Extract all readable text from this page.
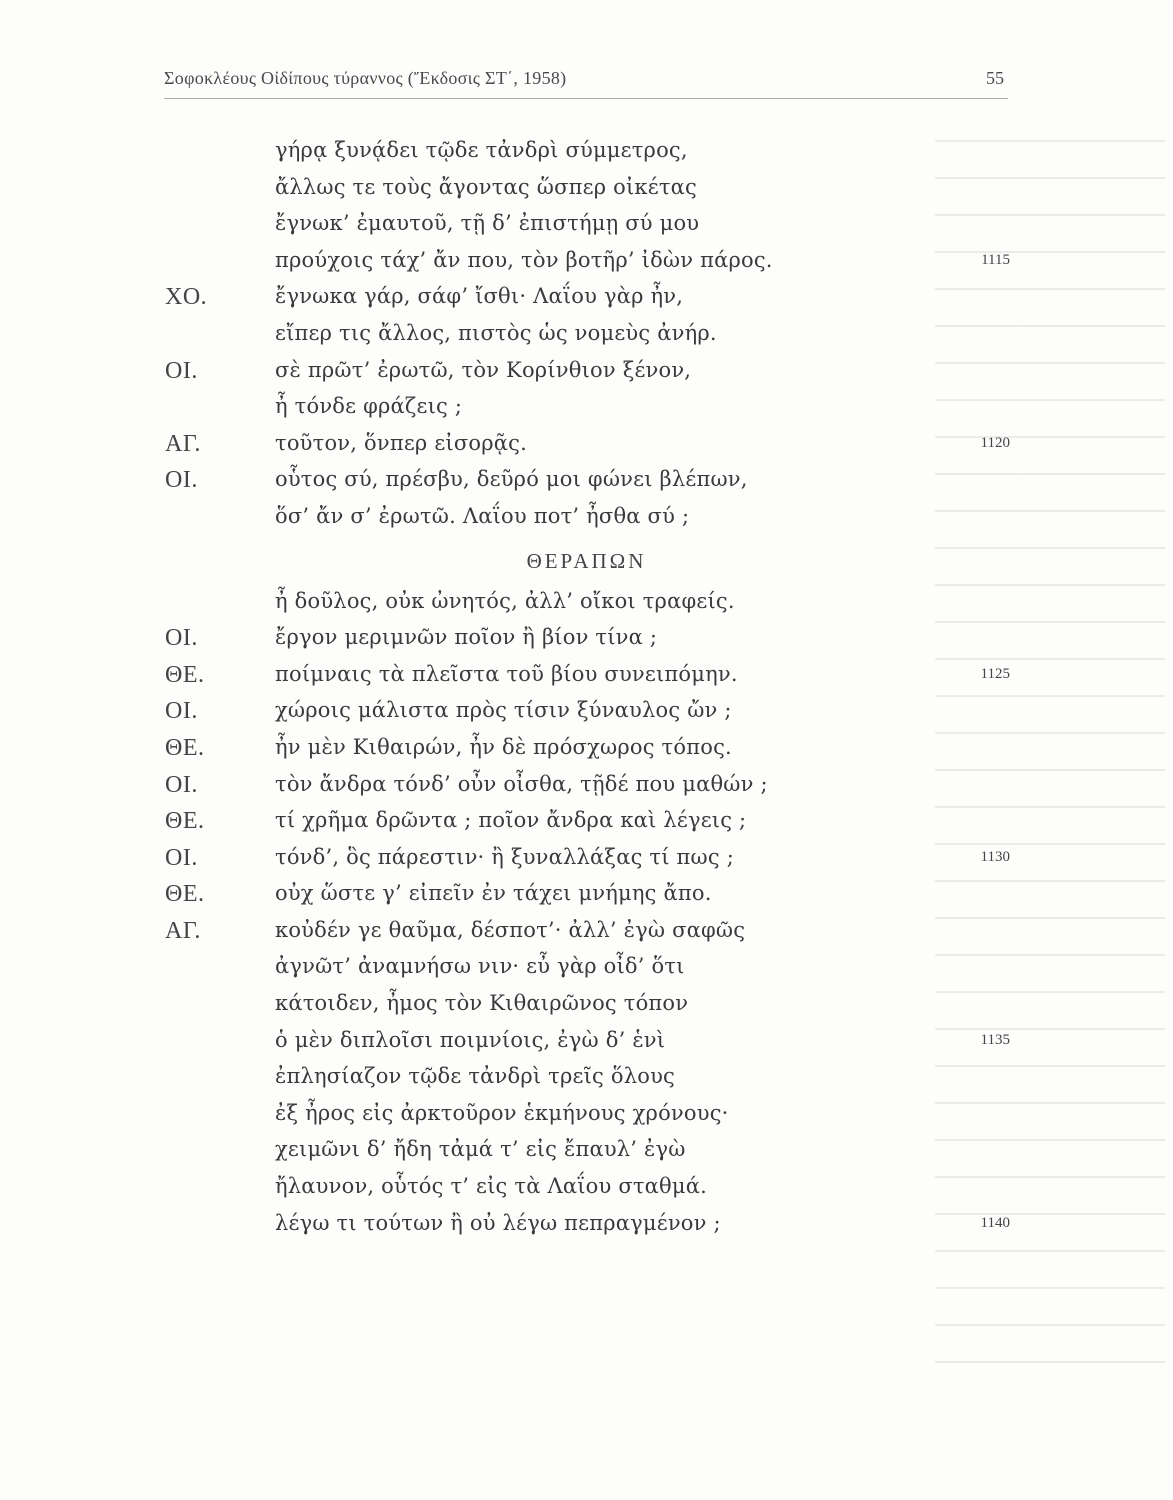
Σοφοκλέους Οἰδίπους τύραννος (Ἔκδοσις ΣΤ΄, 1958)	55
γήρᾳ ξυνᾴδει τῷδε τἀνδρὶ σύμμετρος,
ἄλλως τε τοὺς ἄγοντας ὥσπερ οἰκέτας
ἔγνωκ’ ἐμαυτοῦ, τῇ δ’ ἐπιστήμῃ σύ μου
προύχοις τάχ’ ἄν που, τὸν βοτῆρ’ ἰδὼν πάρος.	1115
ΧΟ.	ἔγνωκα γάρ, σάφ’ ἴσθι· Λαΐου γὰρ ἦν,
εἴπερ τις ἄλλος, πιστὸς ὡς νομεὺς ἀνήρ.
ΟΙ.	σὲ πρῶτ’ ἐρωτῶ, τὸν Κορίνθιον ξένον,
ἦ τόνδε φράζεις ;
ΑΓ.	τοῦτον, ὅνπερ εἰσορᾷς.	1120
ΟΙ.	οὗτος σύ, πρέσβυ, δεῦρό μοι φώνει βλέπων,
ὅσ’ ἄν σ’ ἐρωτῶ. Λαΐου ποτ’ ἦσθα σύ ;
ΘΕΡΑΠΩΝ
ἦ δοῦλος, οὐκ ὠνητός, ἀλλ’ οἴκοι τραφείς.
ΟΙ.	ἔργον μεριμνῶν ποῖον ἢ βίον τίνα ;
ΘΕ.	ποίμναις τὰ πλεῖστα τοῦ βίου συνειπόμην.	1125
ΟΙ.	χώροις μάλιστα πρὸς τίσιν ξύναυλος ὤν ;
ΘΕ.	ἦν μὲν Κιθαιρών, ἦν δὲ πρόσχωρος τόπος.
ΟΙ.	τὸν ἄνδρα τόνδ’ οὖν οἶσθα, τῇδέ που μαθών ;
ΘΕ.	τί χρῆμα δρῶντα ; ποῖον ἄνδρα καὶ λέγεις ;
ΟΙ.	τόνδ’, ὃς πάρεστιν· ἢ ξυναλλάξας τί πως ;	1130
ΘΕ.	οὐχ ὥστε γ’ εἰπεῖν ἐν τάχει μνήμης ἄπο.
ΑΓ.	κοὐδέν γε θαῦμα, δέσποτ’· ἀλλ’ ἐγὼ σαφῶς
ἀγνῶτ’ ἀναμνήσω νιν· εὖ γὰρ οἶδ’ ὅτι
κάτοιδεν, ἦμος τὸν Κιθαιρῶνος τόπον
ὁ μὲν διπλοῖσι ποιμνίοις, ἐγὼ δ’ ἑνὶ	1135
ἐπλησίαζον τῷδε τἀνδρὶ τρεῖς ὅλους
ἐξ ἦρος εἰς ἀρκτοῦρον ἑκμήνους χρόνους·
χειμῶνι δ’ ἤδη τἀμά τ’ εἰς ἔπαυλ’ ἐγὼ
ἤλαυνον, οὗτός τ’ εἰς τὰ Λαΐου σταθμά.
λέγω τι τούτων ἢ οὐ λέγω πεπραγμένον ;	1140
